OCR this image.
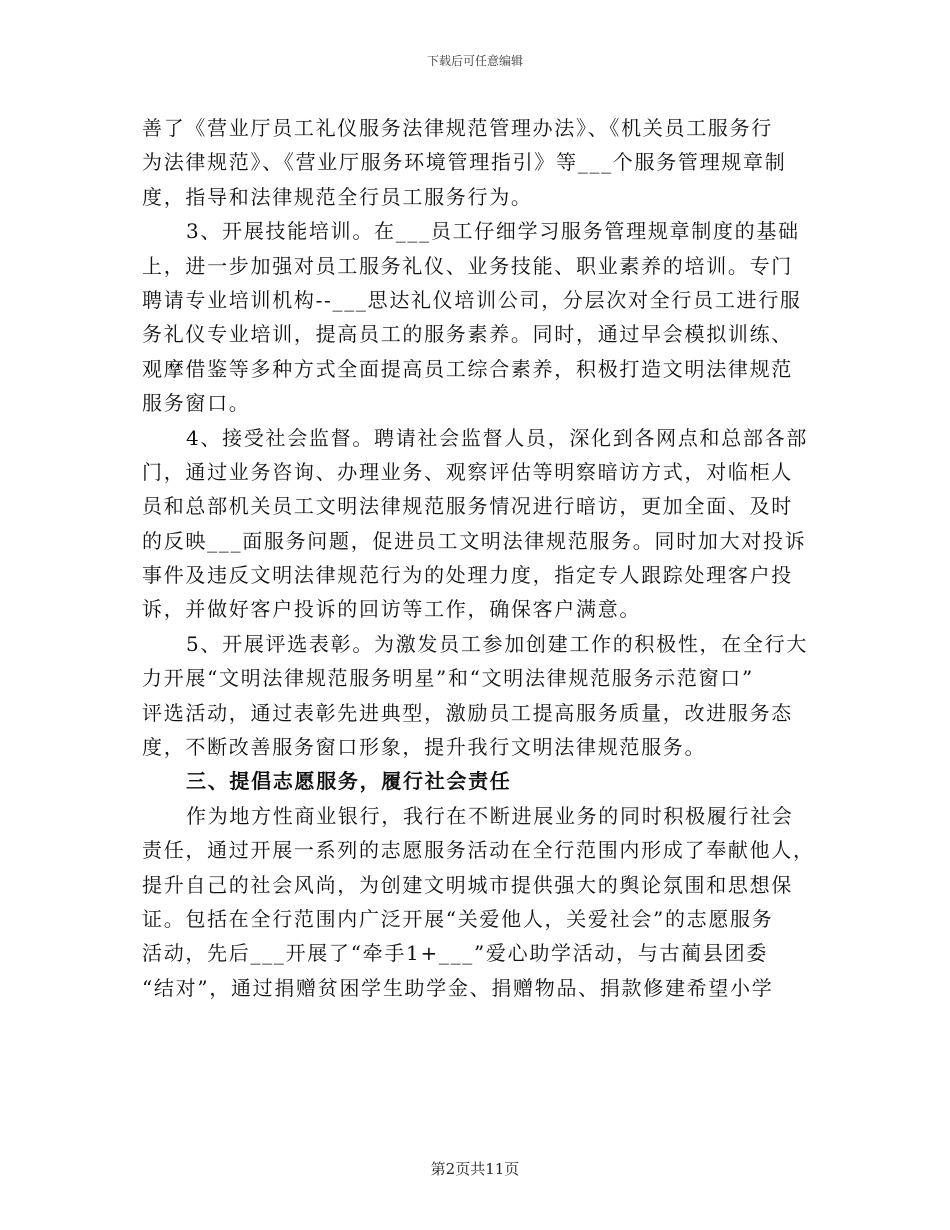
下载后可任意编辑
善了《营业厅员工礼仪服务法律规范管理办法》、《机关员工服务行
为法律规范》、《营业厅服务环境管理指引》等___个服务管理规章制
度，指导和法律规范全行员工服务行为。
3、开展技能培训。在___员工仔细学习服务管理规章制度的基础
上，进一步加强对员工服务礼仪、业务技能、职业素养的培训。专门
聘请专业培训机构--___思达礼仪培训公司，分层次对全行员工进行服
务礼仪专业培训，提高员工的服务素养。同时，通过早会模拟训练、
观摩借鉴等多种方式全面提高员工综合素养，积极打造文明法律规范
服务窗口。
4、接受社会监督。聘请社会监督人员，深化到各网点和总部各部
门，通过业务咨询、办理业务、观察评估等明察暗访方式，对临柜人
员和总部机关员工文明法律规范服务情况进行暗访，更加全面、及时
的反映___面服务问题，促进员工文明法律规范服务。同时加大对投诉
事件及违反文明法律规范行为的处理力度，指定专人跟踪处理客户投
诉，并做好客户投诉的回访等工作，确保客户满意。
5、开展评选表彰。为激发员工参加创建工作的积极性，在全行大
力开展“文明法律规范服务明星”和“文明法律规范服务示范窗口”
评选活动，通过表彰先进典型，激励员工提高服务质量，改进服务态
度，不断改善服务窗口形象，提升我行文明法律规范服务。
三、提倡志愿服务，履行社会责任
作为地方性商业银行，我行在不断进展业务的同时积极履行社会
责任，通过开展一系列的志愿服务活动在全行范围内形成了奉献他人，
提升自己的社会风尚，为创建文明城市提供强大的舆论氛围和思想保
证。包括在全行范围内广泛开展“关爱他人，关爱社会”的志愿服务
活动，先后___开展了“牵手1+___”爱心助学活动，与古蔺县团委
“结对”，通过捐赠贫困学生助学金、捐赠物品、捐款修建希望小学
第2页共11页
